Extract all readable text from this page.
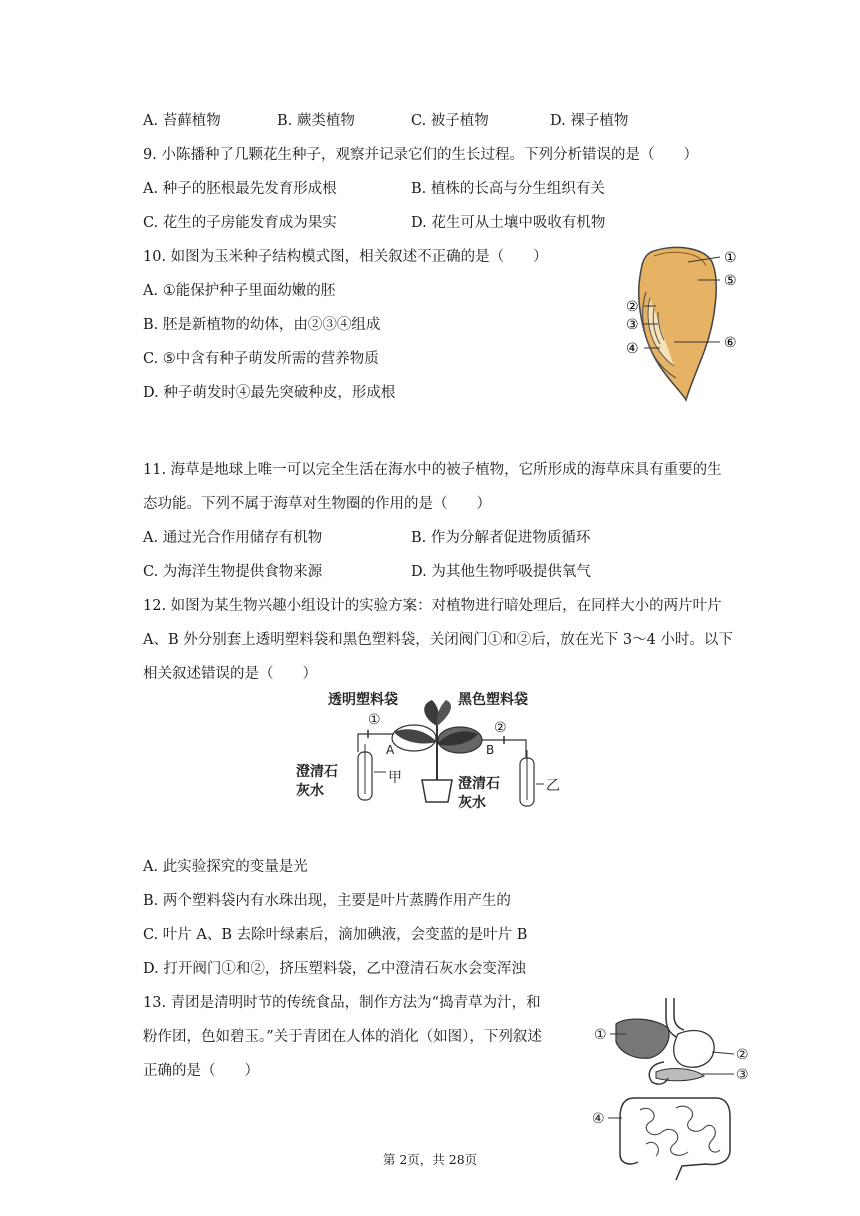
A. 苔藓植物	B. 蕨类植物	C. 被子植物	D. 裸子植物
9. 小陈播种了几颗花生种子，观察并记录它们的生长过程。下列分析错误的是（　　）
A. 种子的胚根最先发育形成根	B. 植株的长高与分生组织有关
C. 花生的子房能发育成为果实	D. 花生可从土壤中吸收有机物
10. 如图为玉米种子结构模式图，相关叙述不正确的是（　　）
A. ①能保护种子里面幼嫩的胚
B. 胚是新植物的幼体，由②③④组成
C. ⑤中含有种子萌发所需的营养物质
D. 种子萌发时④最先突破种皮，形成根
①
⑤
②
③
④	⑥
11. 海草是地球上唯一可以完全生活在海水中的被子植物，它所形成的海草床具有重要的生
态功能。下列不属于海草对生物圈的作用的是（　　）
A. 通过光合作用储存有机物	B. 作为分解者促进物质循环
C. 为海洋生物提供食物来源	D. 为其他生物呼吸提供氧气
12. 如图为某生物兴趣小组设计的实验方案：对植物进行暗处理后，在同样大小的两片叶片
A、B 外分别套上透明塑料袋和黑色塑料袋，关闭阀门①和②后，放在光下 3～4 小时。以下
相关叙述错误的是（　　）
透明塑料袋	黑色塑料袋
澄清石
灰水	澄清石
灰水
①	②
A	B
甲	乙
A. 此实验探究的变量是光
B. 两个塑料袋内有水珠出现，主要是叶片蒸腾作用产生的
C. 叶片 A、B 去除叶绿素后，滴加碘液，会变蓝的是叶片 B
D. 打开阀门①和②，挤压塑料袋，乙中澄清石灰水会变浑浊
13. 青团是清明时节的传统食品，制作方法为“捣青草为汁，和
粉作团，色如碧玉。”关于青团在人体的消化（如图），下列叙述
正确的是（　　）
①
②
③
④
第 2页，共 28页
